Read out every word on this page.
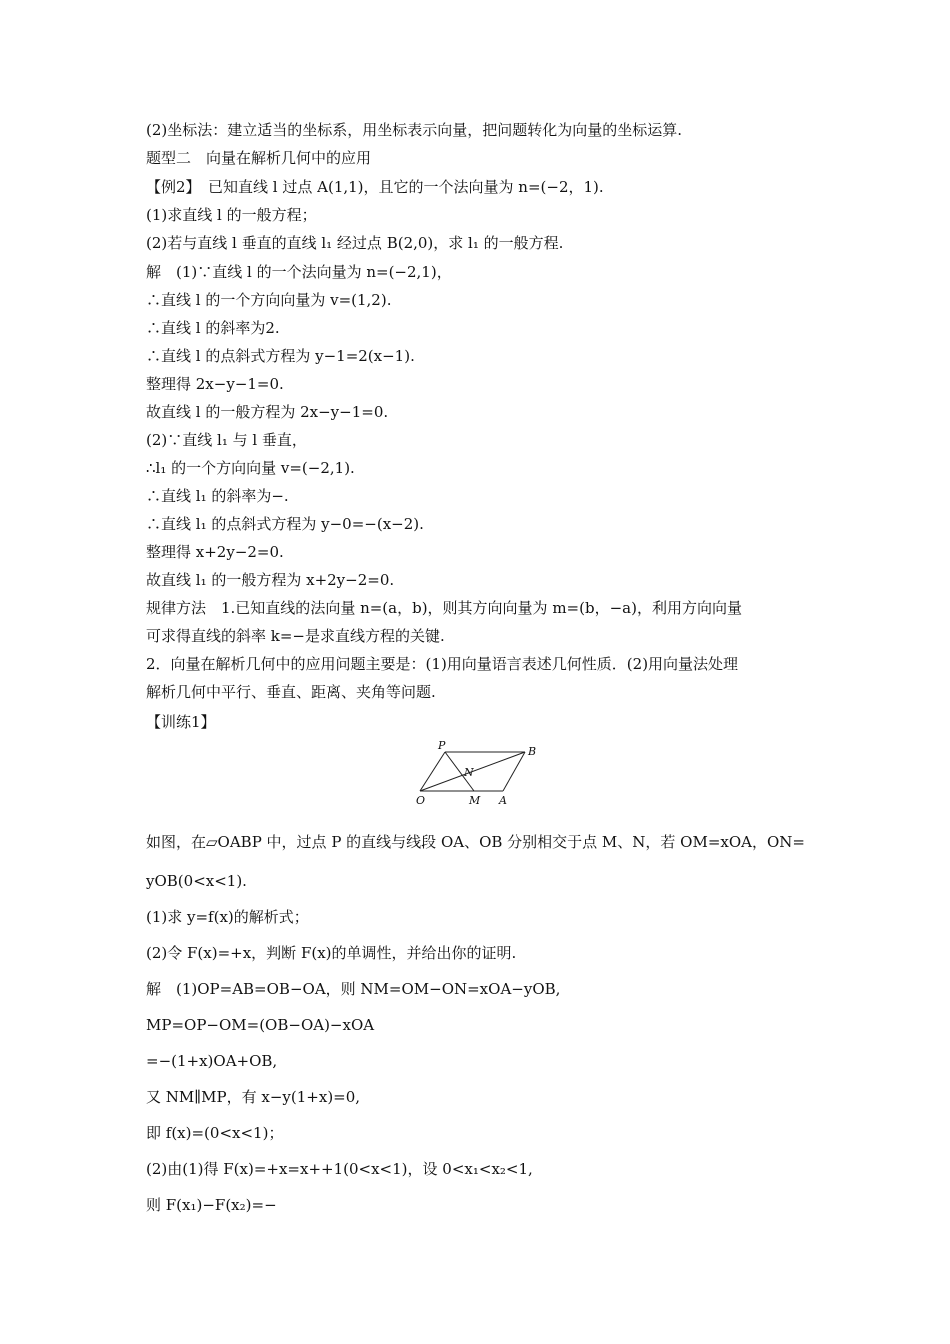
(2)坐标法：建立适当的坐标系，用坐标表示向量，把问题转化为向量的坐标运算.
题型二　向量在解析几何中的应用
【例2】　已知直线 l 过点 A(1,1)，且它的一个法向量为 n=(−2，1).
(1)求直线 l 的一般方程；
(2)若与直线 l 垂直的直线 l₁ 经过点 B(2,0)，求 l₁ 的一般方程.
解　(1)∵直线 l 的一个法向量为 n=(−2,1)，
∴直线 l 的一个方向向量为 v=(1,2).
∴直线 l 的斜率为2.
∴直线 l 的点斜式方程为 y−1=2(x−1).
整理得 2x−y−1=0.
故直线 l 的一般方程为 2x−y−1=0.
(2)∵直线 l₁ 与 l 垂直，
∴l₁ 的一个方向向量 v=(−2,1).
∴直线 l₁ 的斜率为−.
∴直线 l₁ 的点斜式方程为 y−0=−(x−2).
整理得 x+2y−2=0.
故直线 l₁ 的一般方程为 x+2y−2=0.
规律方法　1.已知直线的法向量 n=(a，b)，则其方向向量为 m=(b，−a)，利用方向向量
可求得直线的斜率 k=−是求直线方程的关键.
2．向量在解析几何中的应用问题主要是：(1)用向量语言表述几何性质．(2)用向量法处理
解析几何中平行、垂直、距离、夹角等问题.
【训练1】
P	B
N
O	M A
如图，在▱OABP 中，过点 P 的直线与线段 OA、OB 分别相交于点 M、N，若 OM=xOA，ON=
yOB(0<x<1).
(1)求 y=f(x)的解析式；
(2)令 F(x)=+x，判断 F(x)的单调性，并给出你的证明.
解　(1)OP=AB=OB−OA，则 NM=OM−ON=xOA−yOB,
MP=OP−OM=(OB−OA)−xOA
=−(1+x)OA+OB,
又 NM∥MP，有 x−y(1+x)=0,
即 f(x)=(0<x<1)；
(2)由(1)得 F(x)=+x=x++1(0<x<1)，设 0<x₁<x₂<1,
则 F(x₁)−F(x₂)=−
